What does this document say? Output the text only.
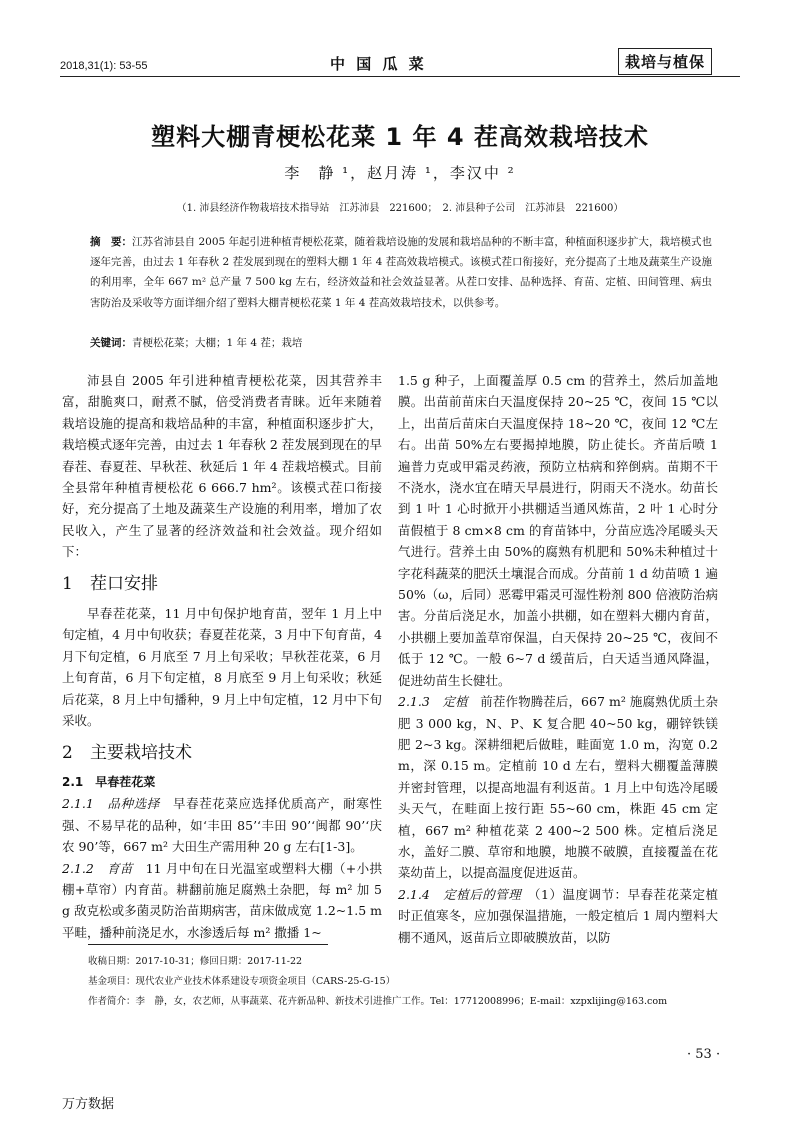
2018,31(1): 53-55	中 国 瓜 菜	栽培与植保
塑料大棚青梗松花菜 1 年 4 茬高效栽培技术
李　静 ¹，赵月涛 ¹，李汉中 ²
（1. 沛县经济作物栽培技术指导站　江苏沛县　221600；　2. 沛县种子公司　江苏沛县　221600）
摘　要：江苏省沛县自 2005 年起引进种植青梗松花菜，随着栽培设施的发展和栽培品种的不断丰富，种植面积逐步扩大，栽培模式也逐年完善，由过去 1 年春秋 2 茬发展到现在的塑料大棚 1 年 4 茬高效栽培模式。该模式茬口衔接好，充分提高了土地及蔬菜生产设施的利用率，全年 667 m² 总产量 7 500 kg 左右，经济效益和社会效益显著。从茬口安排、品种选择、育苗、定植、田间管理、病虫害防治及采收等方面详细介绍了塑料大棚青梗松花菜 1 年 4 茬高效栽培技术，以供参考。
关键词：青梗松花菜；大棚；1 年 4 茬；栽培

沛县自 2005 年引进种植青梗松花菜，因其营养丰富，甜脆爽口，耐煮不腻，倍受消费者青睐。近年来随着栽培设施的提高和栽培品种的丰富，种植面积逐步扩大，栽培模式逐年完善，由过去 1 年春秋 2 茬发展到现在的早春茬、春夏茬、早秋茬、秋延后 1 年 4 茬栽培模式。目前全县常年种植青梗松花 6 666.7 hm²。该模式茬口衔接好，充分提高了土地及蔬菜生产设施的利用率，增加了农民收入，产生了显著的经济效益和社会效益。现介绍如下：

1 茬口安排

早春茬花菜，11 月中旬保护地育苗，翌年 1 月上中旬定植，4 月中旬收获；春夏茬花菜，3 月中下旬育苗，4 月下旬定植，6 月底至 7 月上旬采收；早秋茬花菜，6 月上旬育苗，6 月下旬定植，8 月底至 9 月上旬采收；秋延后花菜，8 月上中旬播种，9 月上中旬定植，12 月中下旬采收。

2 主要栽培技术

2.1　早春茬花菜

2.1.1　品种选择　 早春茬花菜应选择优质高产，耐寒性强、不易早花的品种，如‘丰田 85’‘丰田 90’‘闽都 90’‘庆农 90’等，667 m² 大田生产需用种 20 g 左右[1-3]。

2.1.2　育苗　 11 月中旬在日光温室或塑料大棚（+小拱棚+草帘）内育苗。耕翻前施足腐熟土杂肥，每 m² 加 5 g 敌克松或多菌灵防治苗期病害，苗床做成宽 1.2~1.5 m 平畦，播种前浇足水，水渗透后每 m² 撒播 1~

1.5 g 种子，上面覆盖厚 0.5 cm 的营养土，然后加盖地膜。出苗前苗床白天温度保持 20~25 ℃，夜间 15 ℃以上，出苗后苗床白天温度保持 18~20 ℃，夜间 12 ℃左右。出苗 50%左右要揭掉地膜，防止徒长。齐苗后喷 1 遍普力克或甲霜灵药液，预防立枯病和猝倒病。苗期不干不浇水，浇水宜在晴天早晨进行，阴雨天不浇水。幼苗长到 1 叶 1 心时掀开小拱棚适当通风炼苗，2 叶 1 心时分苗假植于 8 cm×8 cm 的育苗钵中，分苗应选冷尾暖头天气进行。营养土由 50%的腐熟有机肥和 50%未种植过十字花科蔬菜的肥沃土壤混合而成。分苗前 1 d 幼苗喷 1 遍 50%（ω，后同）恶霉甲霜灵可湿性粉剂 800 倍液防治病害。分苗后浇足水，加盖小拱棚，如在塑料大棚内育苗，小拱棚上要加盖草帘保温，白天保持 20~25 ℃，夜间不低于 12 ℃。一般 6~7 d 缓苗后，白天适当通风降温，促进幼苗生长健壮。

2.1.3　定植　 前茬作物腾茬后，667 m² 施腐熟优质土杂肥 3 000 kg，N、P、K 复合肥 40~50 kg，硼锌铁镁肥 2~3 kg。深耕细耙后做畦，畦面宽 1.0 m，沟宽 0.2 m，深 0.15 m。定植前 10 d 左右，塑料大棚覆盖薄膜并密封管理，以提高地温有利返苗。1 月上中旬选冷尾暖头天气，在畦面上按行距 55~60 cm，株距 45 cm 定植，667 m² 种植花菜 2 400~2 500 株。定植后浇足水，盖好二膜、草帘和地膜，地膜不破膜，直接覆盖在花菜幼苗上，以提高温度促进返苗。

2.1.4　定植后的管理　 （1）温度调节：早春茬花菜定植时正值寒冬，应加强保温措施，一般定植后 1 周内塑料大棚不通风，返苗后立即破膜放苗，以防

收稿日期：2017-10-31；修回日期：2017-11-22
基金项目：现代农业产业技术体系建设专项资金项目（CARS-25-G-15）
作者简介：李　静，女，农艺师，从事蔬菜、花卉新品种、新技术引进推广工作。Tel：17712008996；E-mail：xzpxlijing@163.com
· 53 ·
万方数据
